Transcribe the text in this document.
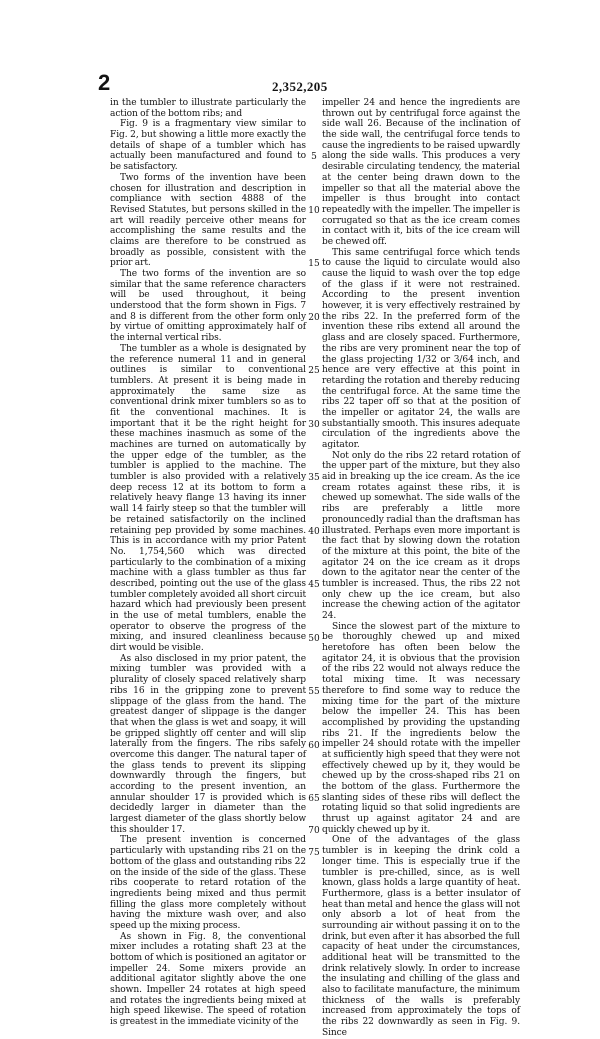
2	2,352,205

in the tumbler to illustrate particularly the action of the bottom ribs; and

Fig. 9 is a fragmentary view similar to Fig. 2, but showing a little more exactly the details of shape of a tumbler which has actually been manufactured and found to be satisfactory.

Two forms of the invention have been chosen for illustration and description in compliance with section 4888 of the Revised Statutes, but persons skilled in the art will readily perceive other means for accomplishing the same results and the claims are therefore to be construed as broadly as possible, consistent with the prior art.

The two forms of the invention are so similar that the same reference characters will be used throughout, it being understood that the form shown in Figs. 7 and 8 is different from the other form only by virtue of omitting approximately half of the internal vertical ribs.

The tumbler as a whole is designated by the reference numeral 11 and in general outlines is similar to conventional tumblers. At present it is being made in approximately the same size as conventional drink mixer tumblers so as to fit the conventional machines. It is important that it be the right height for these machines inasmuch as some of the machines are turned on automatically by the upper edge of the tumbler, as the tumbler is applied to the machine. The tumbler is also provided with a relatively deep recess 12 at its bottom to form a relatively heavy flange 13 having its inner wall 14 fairly steep so that the tumbler will be retained satisfactorily on the inclined retaining pep provided by some machines. This is in accordance with my prior Patent No. 1,754,560 which was directed particularly to the combination of a mixing machine with a glass tumbler as thus far described, pointing out the use of the glass tumbler completely avoided all short circuit hazard which had previously been present in the use of metal tumblers, enable the operator to observe the progress of the mixing, and insured cleanliness because dirt would be visible.

As also disclosed in my prior patent, the mixing tumbler was provided with a plurality of closely spaced relatively sharp ribs 16 in the gripping zone to prevent slippage of the glass from the hand. The greatest danger of slippage is the danger that when the glass is wet and soapy, it will be gripped slightly off center and will slip laterally from the fingers. The ribs safely overcome this danger. The natural taper of the glass tends to prevent its slipping downwardly through the fingers, but according to the present invention, an annular shoulder 17 is provided which is decidedly larger in diameter than the largest diameter of the glass shortly below this shoulder 17.

The present invention is concerned particularly with upstanding ribs 21 on the bottom of the glass and outstanding ribs 22 on the inside of the side of the glass. These ribs cooperate to retard rotation of the ingredients being mixed and thus permit filling the glass more completely without having the mixture wash over, and also speed up the mixing process.

As shown in Fig. 8, the conventional mixer includes a rotating shaft 23 at the bottom of which is positioned an agitator or impeller 24. Some mixers provide an additional agitator slightly above the one shown. Impeller 24 rotates at high speed and rotates the ingredients being mixed at high speed likewise. The speed of rotation is greatest in the immediate vicinity of the

5
10
15
20
25
30
35
40
45
50
55
60
65
70
75

impeller 24 and hence the ingredients are thrown out by centrifugal force against the side wall 26. Because of the inclination of the side wall, the centrifugal force tends to cause the ingredients to be raised upwardly along the side walls. This produces a very desirable circulating tendency, the material at the center being drawn down to the impeller so that all the material above the impeller is thus brought into contact repeatedly with the impeller. The impeller is corrugated so that as the ice cream comes in contact with it, bits of the ice cream will be chewed off.

This same centrifugal force which tends to cause the liquid to circulate would also cause the liquid to wash over the top edge of the glass if it were not restrained. According to the present invention however, it is very effectively restrained by the ribs 22. In the preferred form of the invention these ribs extend all around the glass and are closely spaced. Furthermore, the ribs are very prominent near the top of the glass projecting 1/32 or 3/64 inch, and hence are very effective at this point in retarding the rotation and thereby reducing the centrifugal force. At the same time the ribs 22 taper off so that at the position of the impeller or agitator 24, the walls are substantially smooth. This insures adequate circulation of the ingredients above the agitator.

Not only do the ribs 22 retard rotation of the upper part of the mixture, but they also aid in breaking up the ice cream. As the ice cream rotates against these ribs, it is chewed up somewhat. The side walls of the ribs are preferably a little more pronouncedly radial than the draftsman has illustrated. Perhaps even more important is the fact that by slowing down the rotation of the mixture at this point, the bite of the agitator 24 on the ice cream as it drops down to the agitator near the center of the tumbler is increased. Thus, the ribs 22 not only chew up the ice cream, but also increase the chewing action of the agitator 24.

Since the slowest part of the mixture to be thoroughly chewed up and mixed heretofore has often been below the agitator 24, it is obvious that the provision of the ribs 22 would not always reduce the total mixing time. It was necessary therefore to find some way to reduce the mixing time for the part of the mixture below the impeller 24. This has been accomplished by providing the upstanding ribs 21. If the ingredients below the impeller 24 should rotate with the impeller at sufficiently high speed that they were not effectively chewed up by it, they would be chewed up by the cross-shaped ribs 21 on the bottom of the glass. Furthermore the slanting sides of these ribs will deflect the rotating liquid so that solid ingredients are thrust up against agitator 24 and are quickly chewed up by it.

One of the advantages of the glass tumbler is in keeping the drink cold a longer time. This is especially true if the tumbler is pre-chilled, since, as is well known, glass holds a large quantity of heat. Furthermore, glass is a better insulator of heat than metal and hence the glass will not only absorb a lot of heat from the surrounding air without passing it on to the drink, but even after it has absorbed the full capacity of heat under the circumstances, additional heat will be transmitted to the drink relatively slowly. In order to increase the insulating and chilling of the glass and also to facilitate manufacture, the minimum thickness of the walls is preferably increased from approximately the tops of the ribs 22 downwardly as seen in Fig. 9. Since
